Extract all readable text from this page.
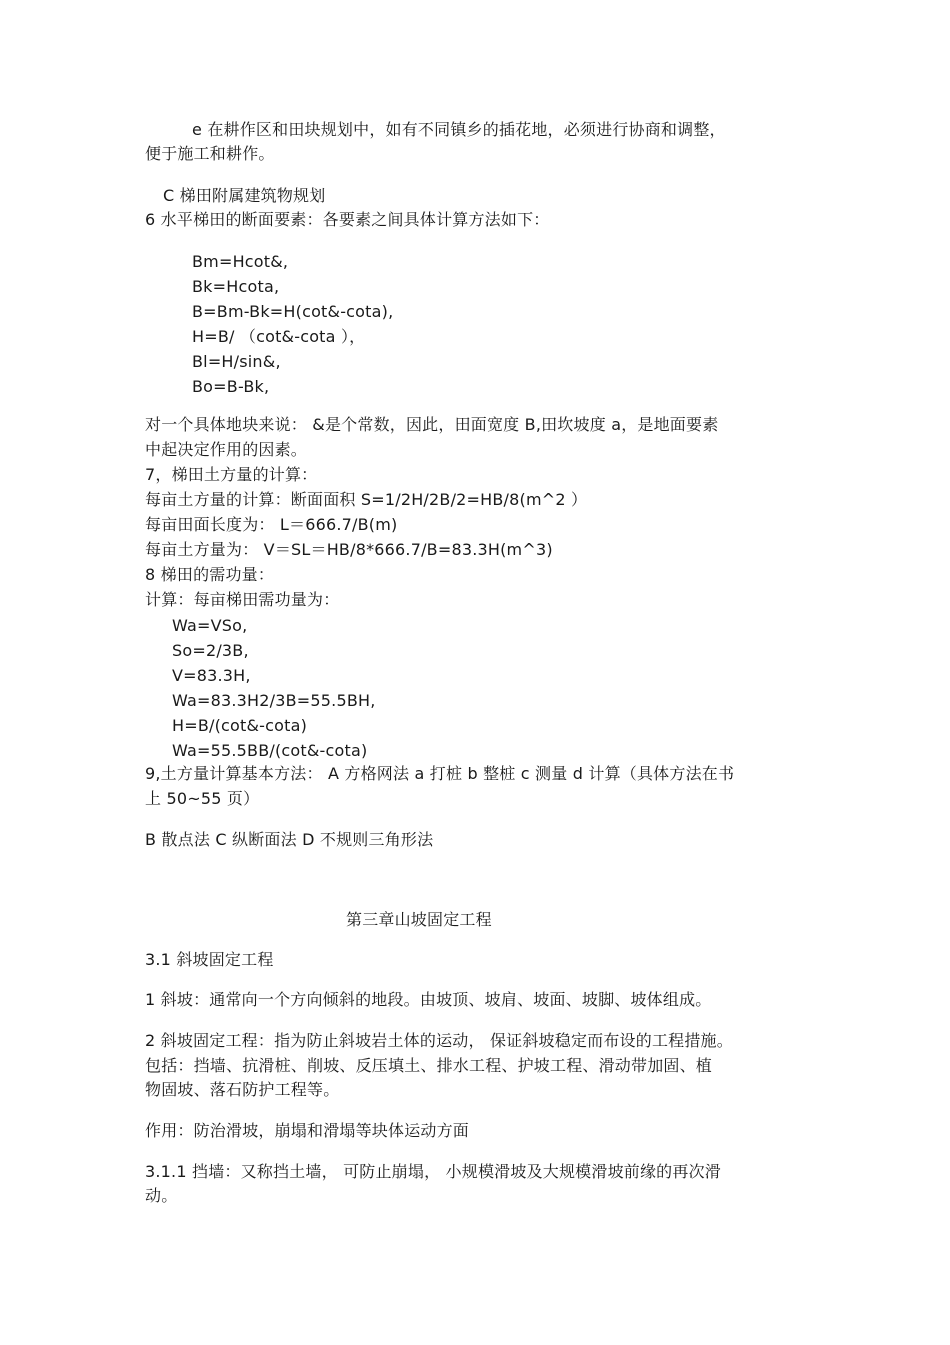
e 在耕作区和田块规划中，如有不同镇乡的插花地，必须进行协商和调整，
便于施工和耕作。
C 梯田附属建筑物规划
6 水平梯田的断面要素：各要素之间具体计算方法如下：
Bm=Hcot&,
Bk=Hcota,
B=Bm-Bk=H(cot&-cota),
H=B/ （cot&-cota ），
Bl=H/sin&,
Bo=B-Bk,
对一个具体地块来说： &是个常数，因此，田面宽度 B,田坎坡度 a，是地面要素
中起决定作用的因素。
7，梯田土方量的计算：
每亩土方量的计算：断面面积 S=1/2H/2B/2=HB/8(m^2 ）
每亩田面长度为： L＝666.7/B(m)
每亩土方量为： V＝SL＝HB/8*666.7/B=83.3H(m^3)
8 梯田的需功量：
计算：每亩梯田需功量为：
Wa=VSo,
So=2/3B,
V=83.3H,
Wa=83.3H2/3B=55.5BH,
H=B/(cot&-cota)
Wa=55.5BB/(cot&-cota)
9,土方量计算基本方法： A 方格网法 a 打桩 b 整桩 c 测量 d 计算（具体方法在书
上 50~55 页）
B 散点法 C 纵断面法 D 不规则三角形法
第三章山坡固定工程
3.1 斜坡固定工程
1 斜坡：通常向一个方向倾斜的地段。由坡顶、坡肩、坡面、坡脚、坡体组成。
2 斜坡固定工程：指为防止斜坡岩土体的运动， 保证斜坡稳定而布设的工程措施。
包括：挡墙、抗滑桩、削坡、反压填土、排水工程、护坡工程、滑动带加固、植
物固坡、落石防护工程等。
作用：防治滑坡，崩塌和滑塌等块体运动方面
3.1.1 挡墙：又称挡土墙， 可防止崩塌， 小规模滑坡及大规模滑坡前缘的再次滑
动。
